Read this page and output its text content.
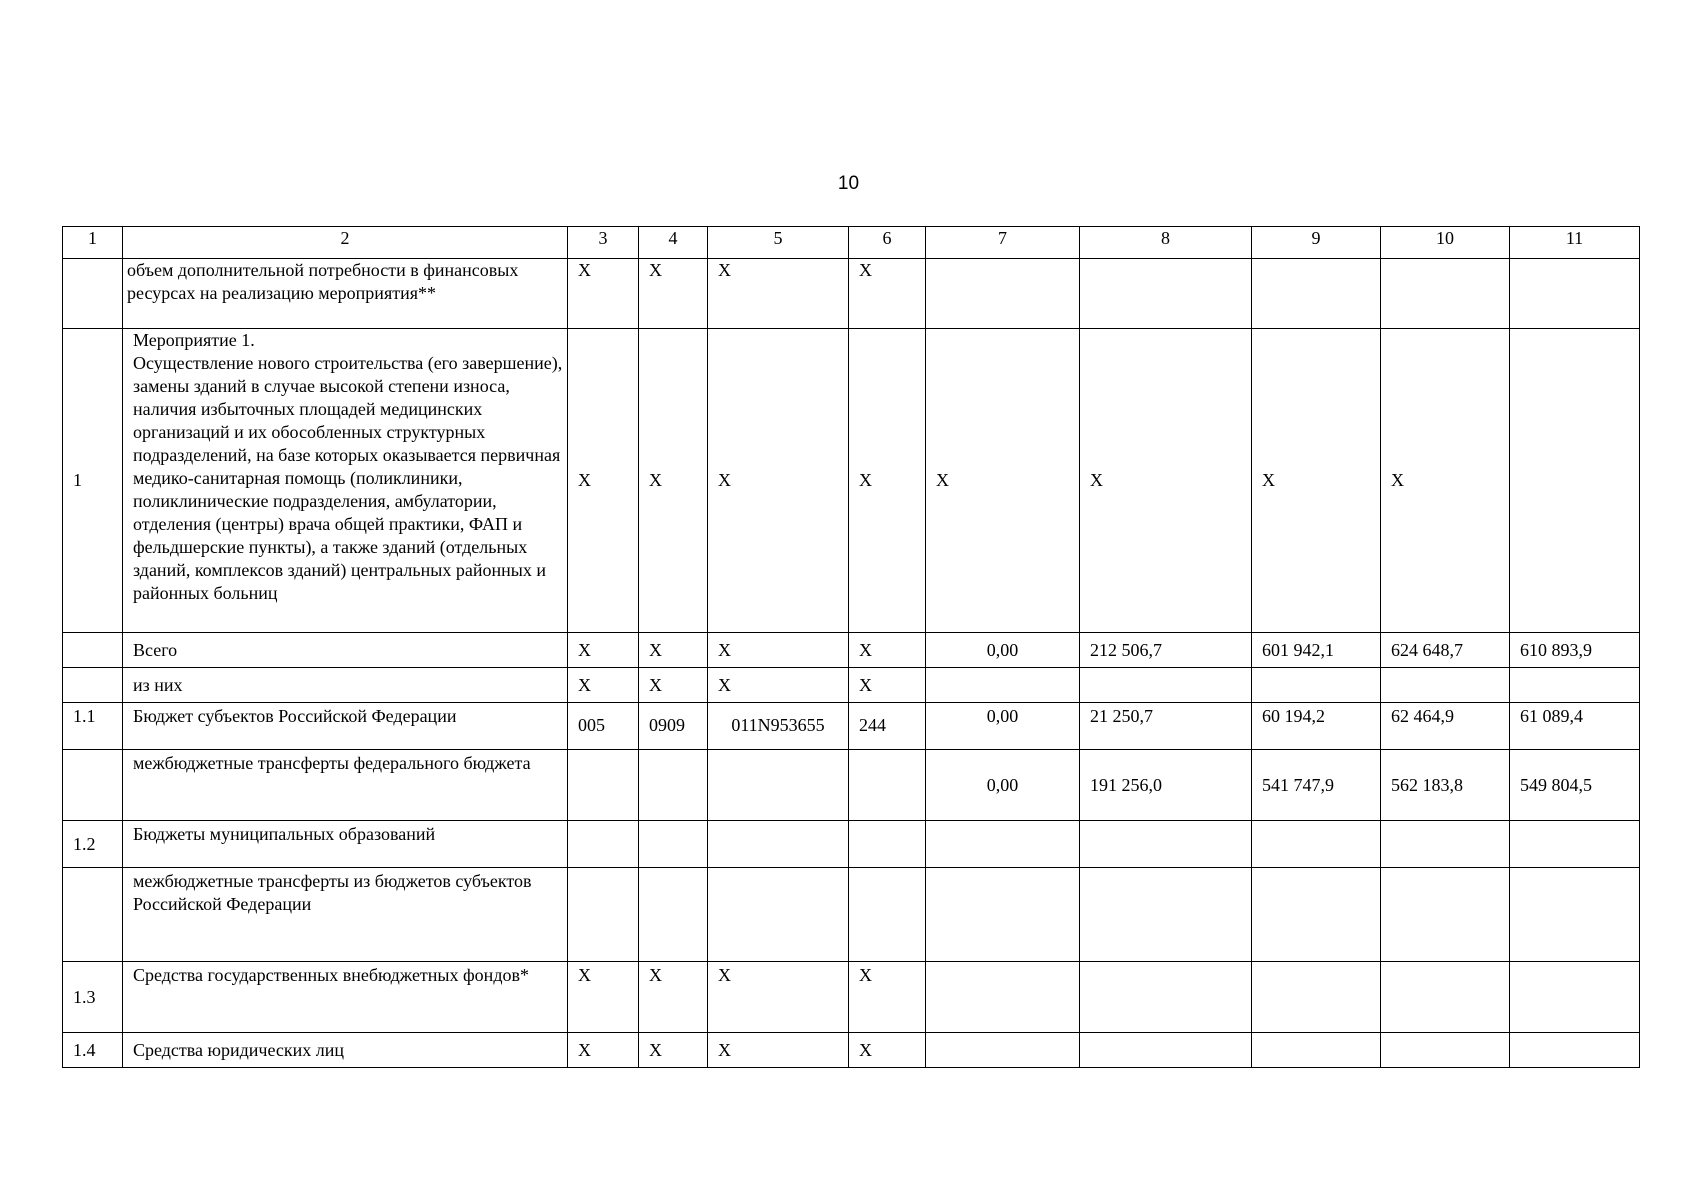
10
1	2	3	4	5	6	7	8	9	10	11
	объем дополнительной потребности в финансовых ресурсах на реализацию мероприятия**	X	X	X	X					
1	Мероприятие 1.
Осуществление нового строительства (его завершение), замены зданий в случае высокой степени износа, наличия избыточных площадей медицинских организаций и их обособленных структурных подразделений, на базе которых оказывается первичная медико-санитарная помощь (поликлиники, поликлинические подразделения, амбулатории, отделения (центры) врача общей практики, ФАП и фельдшерские пункты), а также зданий (отдельных зданий, комплексов зданий) центральных районных и районных больниц	X	X	X	X	X	X	X	X	
	Всего	X	X	X	X	0,00	212 506,7	601 942,1	624 648,7	610 893,9
	из них	X	X	X	X					
1.1	Бюджет субъектов Российской Федерации	005	0909	011N953655	244	0,00	21 250,7	60 194,2	62 464,9	61 089,4
	межбюджетные трансферты федерального бюджета					0,00	191 256,0	541 747,9	562 183,8	549 804,5
1.2	Бюджеты муниципальных образований									
	межбюджетные трансферты из бюджетов субъектов Российской Федерации									
1.3	Средства государственных внебюджетных фондов*	X	X	X	X					
1.4	Средства юридических лиц	X	X	X	X					
